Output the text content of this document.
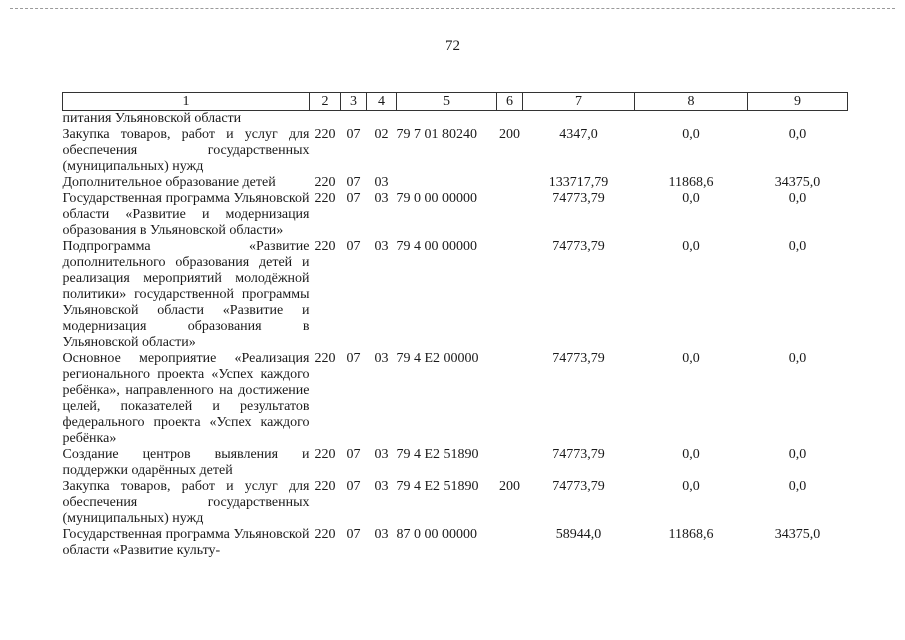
72
1	2	3	4	5	6	7	8	9
питания Ульяновской области								
Закупка товаров, работ и услуг для обеспечения государственных (муниципальных) нужд	220	07	02	79 7 01 80240	200	4347,0	0,0	0,0
Дополнительное образование детей	220	07	03			133717,79	11868,6	34375,0
Государственная программа Ульяновской области «Развитие и модернизация образования в Ульяновской области»	220	07	03	79 0 00 00000		74773,79	0,0	0,0
Подпрограмма «Развитие дополнительного образования детей и реализация мероприятий молодёжной политики» государственной программы Ульяновской области «Развитие и модернизация образования в Ульяновской области»	220	07	03	79 4 00 00000		74773,79	0,0	0,0
Основное мероприятие «Реализация регионального проекта «Успех каждого ребёнка», направленного на достижение целей, показателей и результатов федерального проекта «Успех каждого ребёнка»	220	07	03	79 4 E2 00000		74773,79	0,0	0,0
Создание центров выявления и поддержки одарённых детей	220	07	03	79 4 E2 51890		74773,79	0,0	0,0
Закупка товаров, работ и услуг для обеспечения государственных (муниципальных) нужд	220	07	03	79 4 E2 51890	200	74773,79	0,0	0,0
Государственная программа Ульяновской области «Развитие культу-	220	07	03	87 0 00 00000		58944,0	11868,6	34375,0
